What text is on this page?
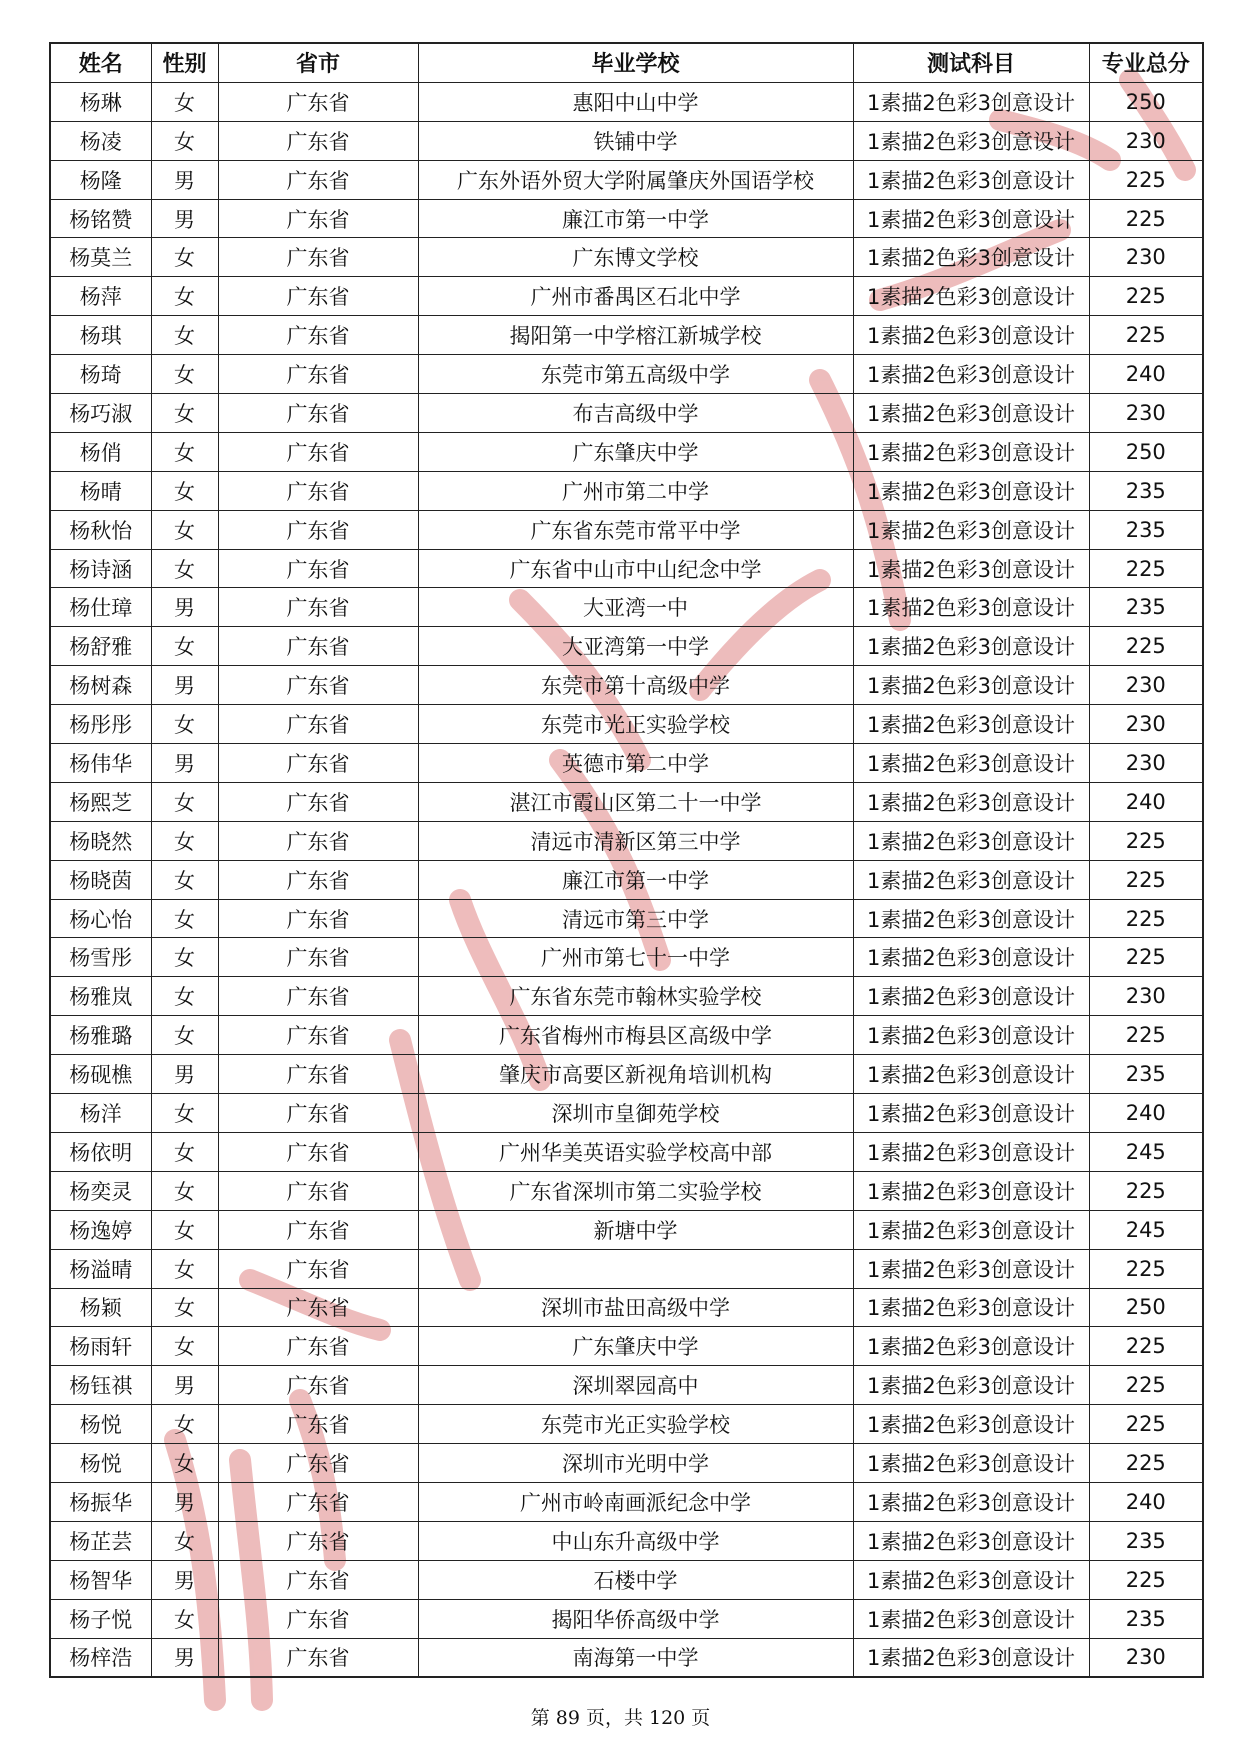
姓名	性别	省市	毕业学校	测试科目	专业总分
杨琳	女	广东省	惠阳中山中学	1素描2色彩3创意设计	250
杨凌	女	广东省	铁铺中学	1素描2色彩3创意设计	230
杨隆	男	广东省	广东外语外贸大学附属肇庆外国语学校	1素描2色彩3创意设计	225
杨铭赞	男	广东省	廉江市第一中学	1素描2色彩3创意设计	225
杨莫兰	女	广东省	广东博文学校	1素描2色彩3创意设计	230
杨萍	女	广东省	广州市番禺区石北中学	1素描2色彩3创意设计	225
杨琪	女	广东省	揭阳第一中学榕江新城学校	1素描2色彩3创意设计	225
杨琦	女	广东省	东莞市第五高级中学	1素描2色彩3创意设计	240
杨巧淑	女	广东省	布吉高级中学	1素描2色彩3创意设计	230
杨俏	女	广东省	广东肇庆中学	1素描2色彩3创意设计	250
杨晴	女	广东省	广州市第二中学	1素描2色彩3创意设计	235
杨秋怡	女	广东省	广东省东莞市常平中学	1素描2色彩3创意设计	235
杨诗涵	女	广东省	广东省中山市中山纪念中学	1素描2色彩3创意设计	225
杨仕璋	男	广东省	大亚湾一中	1素描2色彩3创意设计	235
杨舒雅	女	广东省	大亚湾第一中学	1素描2色彩3创意设计	225
杨树森	男	广东省	东莞市第十高级中学	1素描2色彩3创意设计	230
杨彤彤	女	广东省	东莞市光正实验学校	1素描2色彩3创意设计	230
杨伟华	男	广东省	英德市第二中学	1素描2色彩3创意设计	230
杨熙芝	女	广东省	湛江市霞山区第二十一中学	1素描2色彩3创意设计	240
杨晓然	女	广东省	清远市清新区第三中学	1素描2色彩3创意设计	225
杨晓茵	女	广东省	廉江市第一中学	1素描2色彩3创意设计	225
杨心怡	女	广东省	清远市第三中学	1素描2色彩3创意设计	225
杨雪彤	女	广东省	广州市第七十一中学	1素描2色彩3创意设计	225
杨雅岚	女	广东省	广东省东莞市翰林实验学校	1素描2色彩3创意设计	230
杨雅璐	女	广东省	广东省梅州市梅县区高级中学	1素描2色彩3创意设计	225
杨砚樵	男	广东省	肇庆市高要区新视角培训机构	1素描2色彩3创意设计	235
杨洋	女	广东省	深圳市皇御苑学校	1素描2色彩3创意设计	240
杨依明	女	广东省	广州华美英语实验学校高中部	1素描2色彩3创意设计	245
杨奕灵	女	广东省	广东省深圳市第二实验学校	1素描2色彩3创意设计	225
杨逸婷	女	广东省	新塘中学	1素描2色彩3创意设计	245
杨溢晴	女	广东省		1素描2色彩3创意设计	225
杨颖	女	广东省	深圳市盐田高级中学	1素描2色彩3创意设计	250
杨雨轩	女	广东省	广东肇庆中学	1素描2色彩3创意设计	225
杨钰祺	男	广东省	深圳翠园高中	1素描2色彩3创意设计	225
杨悦	女	广东省	东莞市光正实验学校	1素描2色彩3创意设计	225
杨悦	女	广东省	深圳市光明中学	1素描2色彩3创意设计	225
杨振华	男	广东省	广州市岭南画派纪念中学	1素描2色彩3创意设计	240
杨芷芸	女	广东省	中山东升高级中学	1素描2色彩3创意设计	235
杨智华	男	广东省	石楼中学	1素描2色彩3创意设计	225
杨子悦	女	广东省	揭阳华侨高级中学	1素描2色彩3创意设计	235
杨梓浩	男	广东省	南海第一中学	1素描2色彩3创意设计	230
第 89 页，共 120 页
